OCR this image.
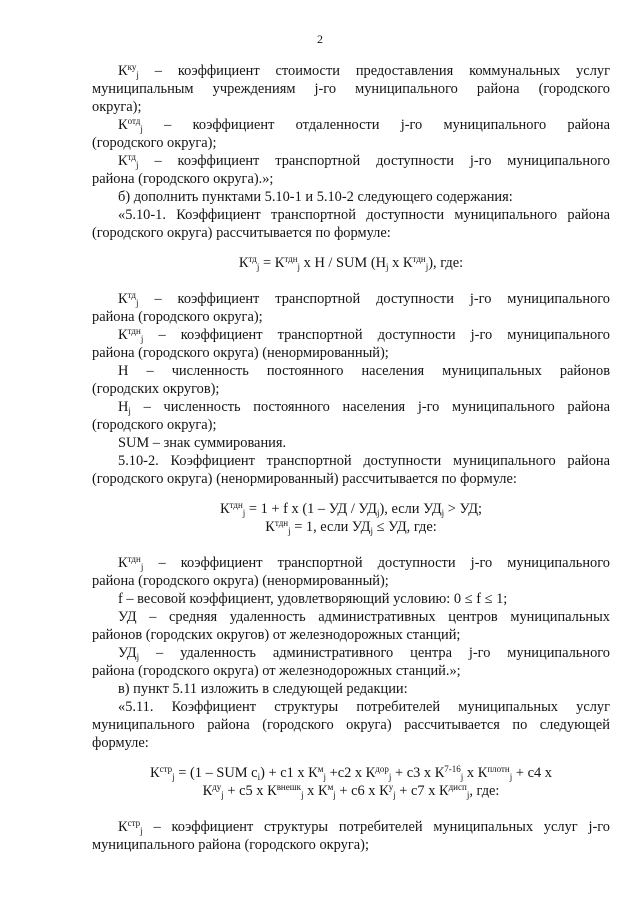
2
$К^{ку}_j$ – коэффициент стоимости предоставления коммунальных услуг
муниципальным учреждениям j-го муниципального района (городского
округа);
$К^{отд}_j$ – коэффициент отдаленности j-го муниципального района
(городского округа);
$К^{тд}_j$ – коэффициент транспортной доступности j-го муниципального
района (городского округа).»;
б) дополнить пунктами 5.10-1 и 5.10-2 следующего содержания:
«5.10-1. Коэффициент транспортной доступности муниципального района
(городского округа) рассчитывается по формуле:
$К^{тд}_j = К^{тдн}_j$ х Н / SUM ($Н_j$ х $К^{тдн}_j$), где:
$К^{тд}_j$ – коэффициент транспортной доступности j-го муниципального
района (городского округа);
$К^{тдн}_j$ – коэффициент транспортной доступности j-го муниципального
района (городского округа) (ненормированный);
Н – численность постоянного населения муниципальных районов
(городских округов);
$Н_j$ – численность постоянного населения j-го муниципального района
(городского округа);
SUM – знак суммирования.
5.10-2. Коэффициент транспортной доступности муниципального района
(городского округа) (ненормированный) рассчитывается по формуле:
$К^{тдн}_j = 1 + f$ х (1 – УД / $УД_j$), если $УД_j$ > УД;
$К^{тдн}_j = 1$, если $УД_j$ ≤ УД, где:
$К^{тдн}_j$ – коэффициент транспортной доступности j-го муниципального
района (городского округа) (ненормированный);
f – весовой коэффициент, удовлетворяющий условию: 0 ≤ f ≤ 1;
УД – средняя удаленность административных центров муниципальных
районов (городских округов) от железнодорожных станций;
$УД_j$ – удаленность административного центра j-го муниципального
района (городского округа) от железнодорожных станций.»;
в) пункт 5.11 изложить в следующей редакции:
«5.11. Коэффициент структуры потребителей муниципальных услуг
муниципального района (городского округа) рассчитывается по следующей
формуле:
$К^{стр}_j = (1$ – SUM $с_i) + с1$ х $К^м_j +с2$ х $К^{дор}_j + с3$ х $К^{7-16}_j$ х $К^{плотн}_j + с4$ х
$К^{ду}_j + с5$ х $К^{внешк}_j$ х $К^м_j + с6$ х $К^у_j + с7$ х $К^{дисп}_j$, где:
$К^{стр}_j$ – коэффициент структуры потребителей муниципальных услуг j-го
муниципального района (городского округа);
